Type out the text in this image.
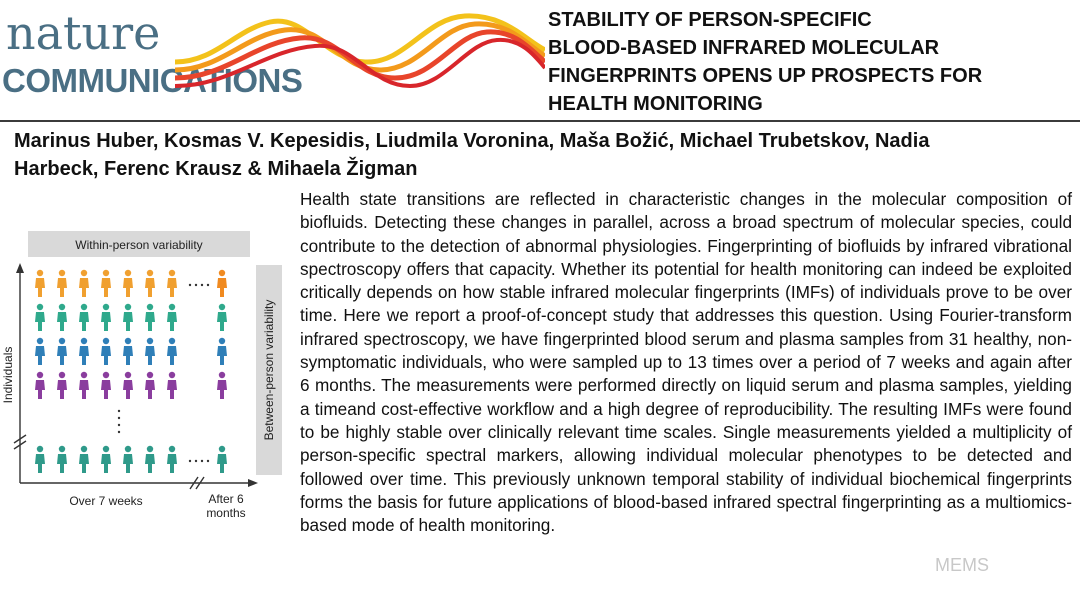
nature
COMMUNICATIONS
STABILITY OF PERSON-SPECIFIC
BLOOD-BASED INFRARED MOLECULAR
FINGERPRINTS OPENS UP PROSPECTS FOR
HEALTH MONITORING
Marinus Huber, Kosmas V. Kepesidis, Liudmila Voronina, Maša Božić, Michael Trubetskov, Nadia
Harbeck, Ferenc Krausz & Mihaela Žigman
Within-person variability
Between-person variability
Individuals
Over 7 weeks	After 6
months
Health state transitions are reflected in characteristic changes in the molecular composition of biofluids. Detecting these changes in parallel, across a broad spectrum of molecular species, could contribute to the detection of abnormal physiologies. Fingerprinting of biofluids by infrared vibrational spectroscopy offers that capacity. Whether its potential for health monitoring can indeed be exploited critically depends on how stable infrared molecular fingerprints (IMFs) of individuals prove to be over time. Here we report a proof-of-concept study that addresses this question. Using Fourier-transform infrared spectroscopy, we have fingerprinted blood serum and plasma samples from 31 healthy, non-symptomatic individuals, who were sampled up to 13 times over a period of 7 weeks and again after 6 months. The measurements were performed directly on liquid serum and plasma samples, yielding a timeand cost-effective workflow and a high degree of reproducibility. The resulting IMFs were found to be highly stable over clinically relevant time scales. Single measurements yielded a multiplicity of person-specific spectral markers, allowing individual molecular phenotypes to be detected and followed over time. This previously unknown temporal stability of individual biochemical fingerprints forms the basis for future applications of blood-based infrared spectral fingerprinting as a multiomics-based mode of health monitoring.
MEMS
